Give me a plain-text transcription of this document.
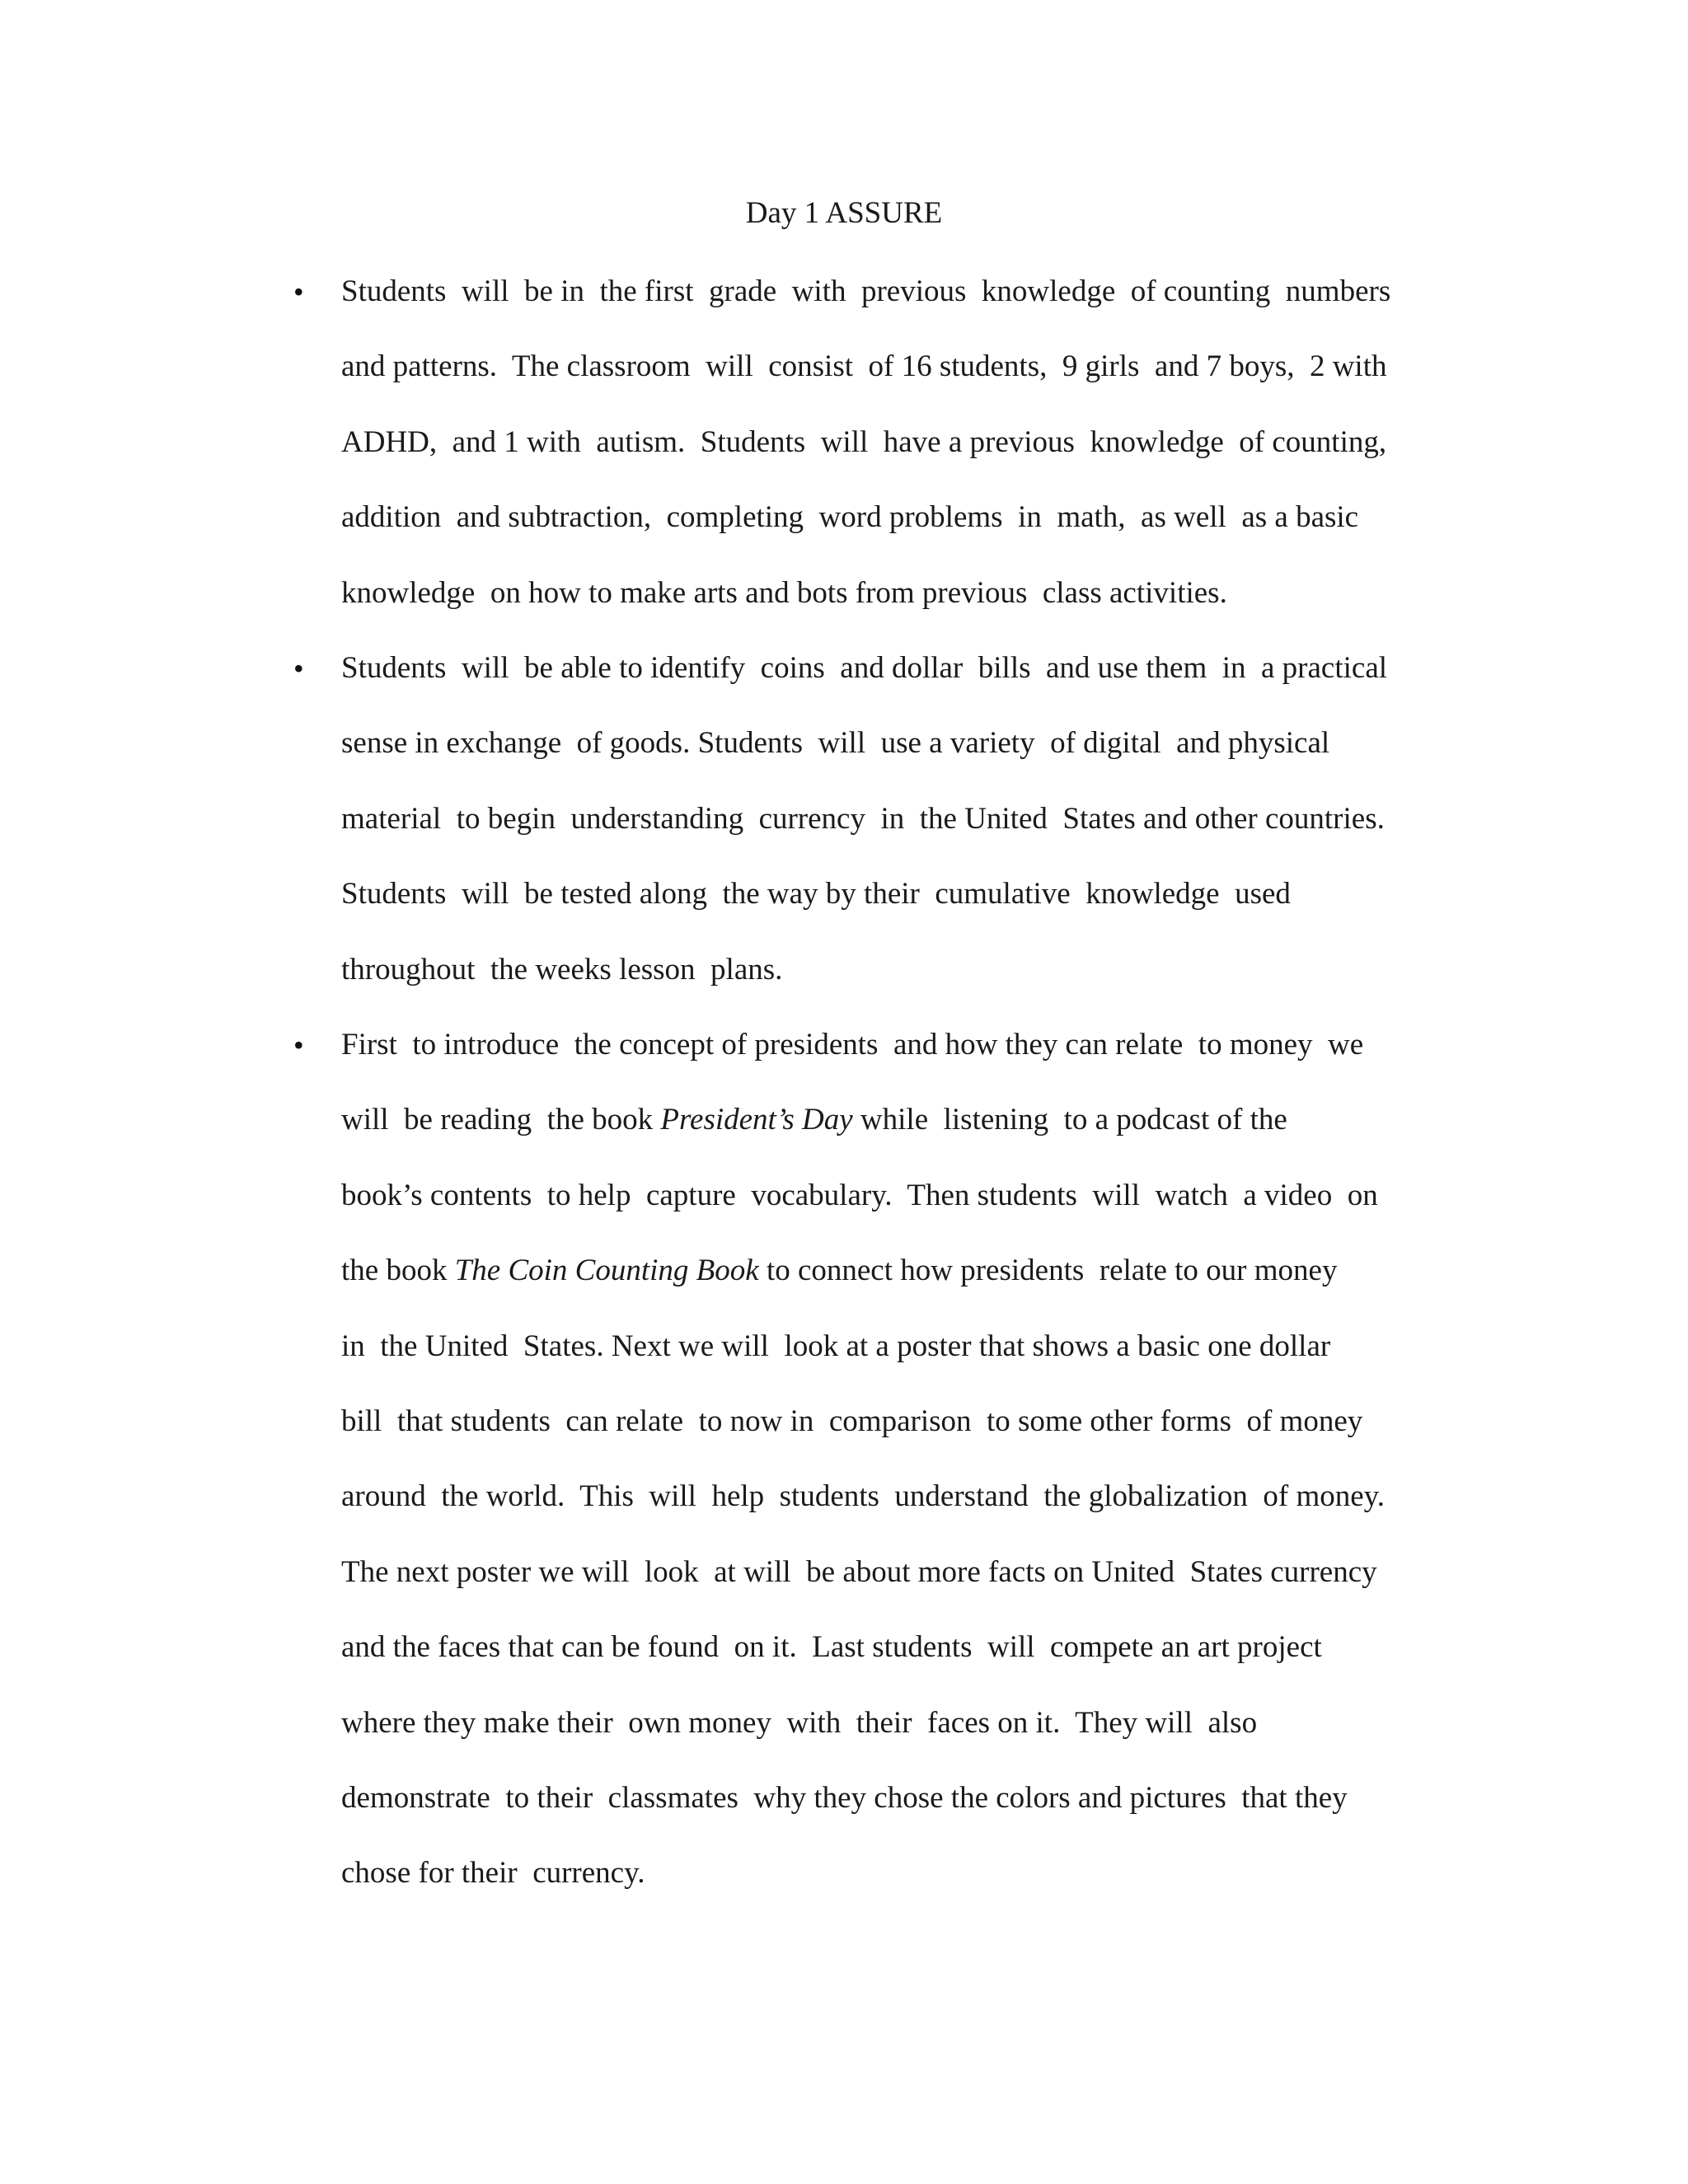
Day 1 ASSURE
• Students  will  be in  the first  grade  with  previous  knowledge  of counting  numbers
and patterns.  The classroom  will  consist  of 16 students,  9 girls  and 7 boys,  2 with
ADHD,  and 1 with  autism.  Students  will  have a previous  knowledge  of counting,
addition  and subtraction,  completing  word problems  in  math,  as well  as a basic
knowledge  on how to make arts and bots from previous  class activities.
• Students  will  be able to identify  coins  and dollar  bills  and use them  in  a practical
sense in exchange  of goods. Students  will  use a variety  of digital  and physical
material  to begin  understanding  currency  in  the United  States and other countries.
Students  will  be tested along  the way by their  cumulative  knowledge  used
throughout  the weeks lesson  plans.
• First  to introduce  the concept of presidents  and how they can relate  to money  we
will  be reading  the book President’s Day while  listening  to a podcast of the
book’s contents  to help  capture  vocabulary.  Then students  will  watch  a video  on
the book The Coin Counting Book to connect how presidents  relate to our money
in  the United  States. Next we will  look at a poster that shows a basic one dollar
bill  that students  can relate  to now in  comparison  to some other forms  of money
around  the world.  This  will  help  students  understand  the globalization  of money.
The next poster we will  look  at will  be about more facts on United  States currency
and the faces that can be found  on it.  Last students  will  compete an art project
where they make their  own money  with  their  faces on it.  They will  also
demonstrate  to their  classmates  why they chose the colors and pictures  that they
chose for their  currency.
